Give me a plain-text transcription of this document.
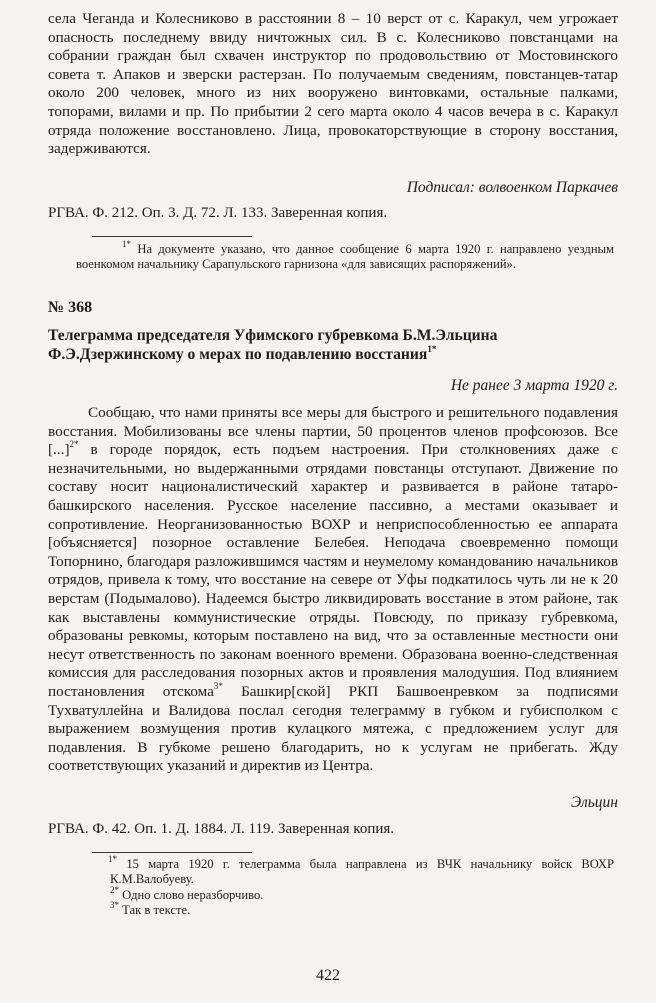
села Чеганда и Колесниково в расстоянии 8 – 10 верст от с. Каракул, чем угрожает опасность последнему ввиду ничтожных сил. В с. Колесниково повстанцами на собрании граждан был схвачен инструктор по продовольствию от Мостовинского совета т. Апаков и зверски растерзан. По получаемым сведениям, повстанцев-татар около 200 человек, много из них вооружено винтовками, остальные палками, топорами, вилами и пр. По прибытии 2 сего марта около 4 часов вечера в с. Каракул отряда положение восстановлено. Лица, провокаторствующие в сторону восстания, задерживаются.

Подписал: волвоенком Паркачев
РГВА. Ф. 212. Оп. 3. Д. 72. Л. 133. Заверенная копия.
$^{1*}$ На документе указано, что данное сообщение 6 марта 1920 г. направлено уездным военкомом начальнику Сарапульского гарнизона «для зависящих распоряжений».
№ 368
Телеграмма председателя Уфимского губревкома Б.М.Эльцина
Ф.Э.Дзержинскому о мерах по подавлению восстания$^{1*}$
Не ранее 3 марта 1920 г.

Сообщаю, что нами приняты все меры для быстрого и решительного подавления восстания. Мобилизованы все члены партии, 50 процентов членов профсоюзов. Все [...]$^{2*}$ в городе порядок, есть подъем настроения. При столкновениях даже с незначительными, но выдержанными отрядами повстанцы отступают. Движение по составу носит националистический характер и развивается в районе татаро-башкирского населения. Русское население пассивно, а местами оказывает и сопротивление. Неорганизованностью ВОХР и неприспособленностью ее аппарата [объясняется] позорное оставление Белебея. Неподача своевременно помощи Топорнино, благодаря разложившимся частям и неумелому командованию начальников отрядов, привела к тому, что восстание на севере от Уфы подкатилось чуть ли не к 20 верстам (Подымалово). Надеемся быстро ликвидировать восстание в этом районе, так как выставлены коммунистические отряды. Повсюду, по приказу губревкома, образованы ревкомы, которым поставлено на вид, что за оставленные местности они несут ответственность по законам военного времени. Образована военно-следственная комиссия для расследования позорных актов и проявления малодушия. Под влиянием постановления отскома$^{3*}$ Башкир[ской] РКП Башвоенревком за подписями Тухватуллейна и Валидова послал сегодня телеграмму в губком и губисполком с выражением возмущения против кулацкого мятежа, с предложением услуг для подавления. В губкоме решено благодарить, но к услугам не прибегать. Жду соответствующих указаний и директив из Центра.

Эльцин
РГВА. Ф. 42. Оп. 1. Д. 1884. Л. 119. Заверенная копия.
$^{1*}$ 15 марта 1920 г. телеграмма была направлена из ВЧК начальнику войск ВОХР К.М.Валобуеву.
$^{2*}$ Одно слово неразборчиво.
$^{3*}$ Так в тексте.
422
